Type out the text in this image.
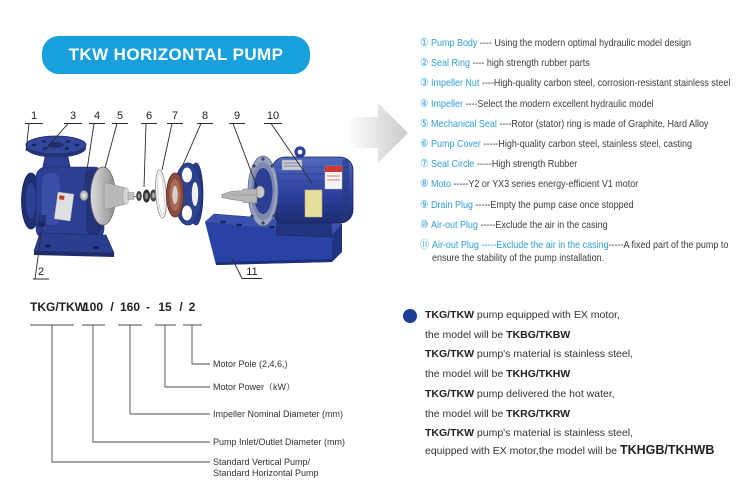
TKW HORIZONTAL PUMP
1	3 4 5 6 7 8 9 10
2	11
① Pump Body ---- Using the modern optimal hydraulic model design
② Seal Ring ---- high strength rubber parts
③ Impeller Nut ----High-quality carbon steel, corrosion-resistant stainless steel
④ Impeller ----Select the modern excellent hydraulic model
⑤ Mechanical Seal ----Rotor (stator) ring is made of Graphite, Hard Alloy
⑥ Pump Cover -----High-quality carbon steel, stainless steel, casting
⑦ Seal Circle -----High strength Rubber
⑧ Moto -----Y2 or YX3 series energy-efficient V1 motor
⑨ Drain Plug -----Empty the pump case once stopped
⑩ Air-out Plug -----Exclude the air in the casing
⑪ Air-out Plug -----Exclude the air in the casing-----A fixed part of the pump to ensure the stability of the pump installation.
TKG/TKW
100 / 160 - 15 / 2
Motor Pole (2,4,6,)
Motor Power（kW）
Impeller Nominal Diameter (mm)
Pump Inlet/Outlet Diameter (mm)
Standard Vertical Pump/
Standard Horizontal Pump

TKG/TKW pump equipped with EX motor,

the model will be TKBG/TKBW

TKG/TKW pump's material is stainless steel,

the model will be TKHG/TKHW

TKG/TKW pump delivered the hot water,

the model will be TKRG/TKRW

TKG/TKW pump's material is stainless steel,

equipped with EX motor,the model will be TKHGB/TKHWB
